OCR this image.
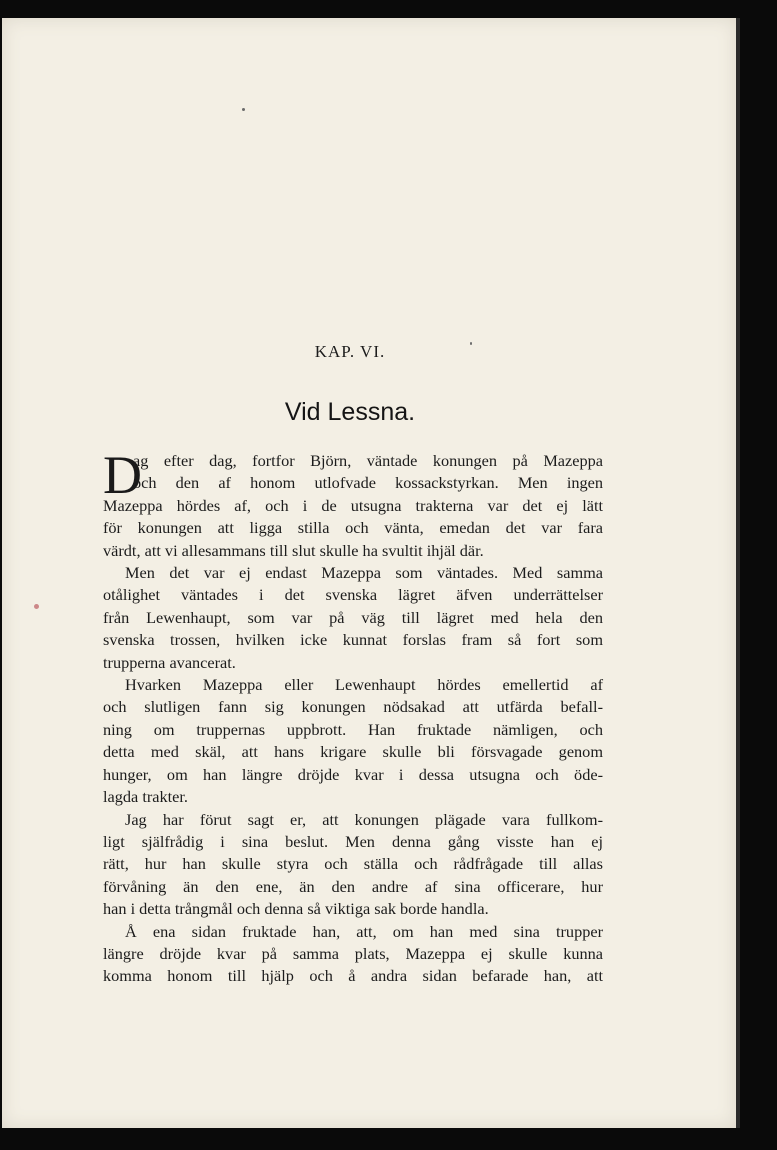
KAP. VI.
Vid Lessna.
D
ag efter dag, fortfor Björn, väntade konungen på Mazeppa
och den af honom utlofvade kossackstyrkan. Men ingen
Mazeppa hördes af, och i de utsugna trakterna var det ej lätt
för konungen att ligga stilla och vänta, emedan det var fara
värdt, att vi allesammans till slut skulle ha svultit ihjäl där.
Men det var ej endast Mazeppa som väntades. Med samma
otålighet väntades i det svenska lägret äfven underrättelser
från Lewenhaupt, som var på väg till lägret med hela den
svenska trossen, hvilken icke kunnat forslas fram så fort som
trupperna avancerat.
Hvarken Mazeppa eller Lewenhaupt hördes emellertid af
och slutligen fann sig konungen nödsakad att utfärda befall-
ning om truppernas uppbrott. Han fruktade nämligen, och
detta med skäl, att hans krigare skulle bli försvagade genom
hunger, om han längre dröjde kvar i dessa utsugna och öde-
lagda trakter.
Jag har förut sagt er, att konungen plägade vara fullkom-
ligt själfrådig i sina beslut. Men denna gång visste han ej
rätt, hur han skulle styra och ställa och rådfrågade till allas
förvåning än den ene, än den andre af sina officerare, hur
han i detta trångmål och denna så viktiga sak borde handla.
Å ena sidan fruktade han, att, om han med sina trupper
längre dröjde kvar på samma plats, Mazeppa ej skulle kunna
komma honom till hjälp och å andra sidan befarade han, att
